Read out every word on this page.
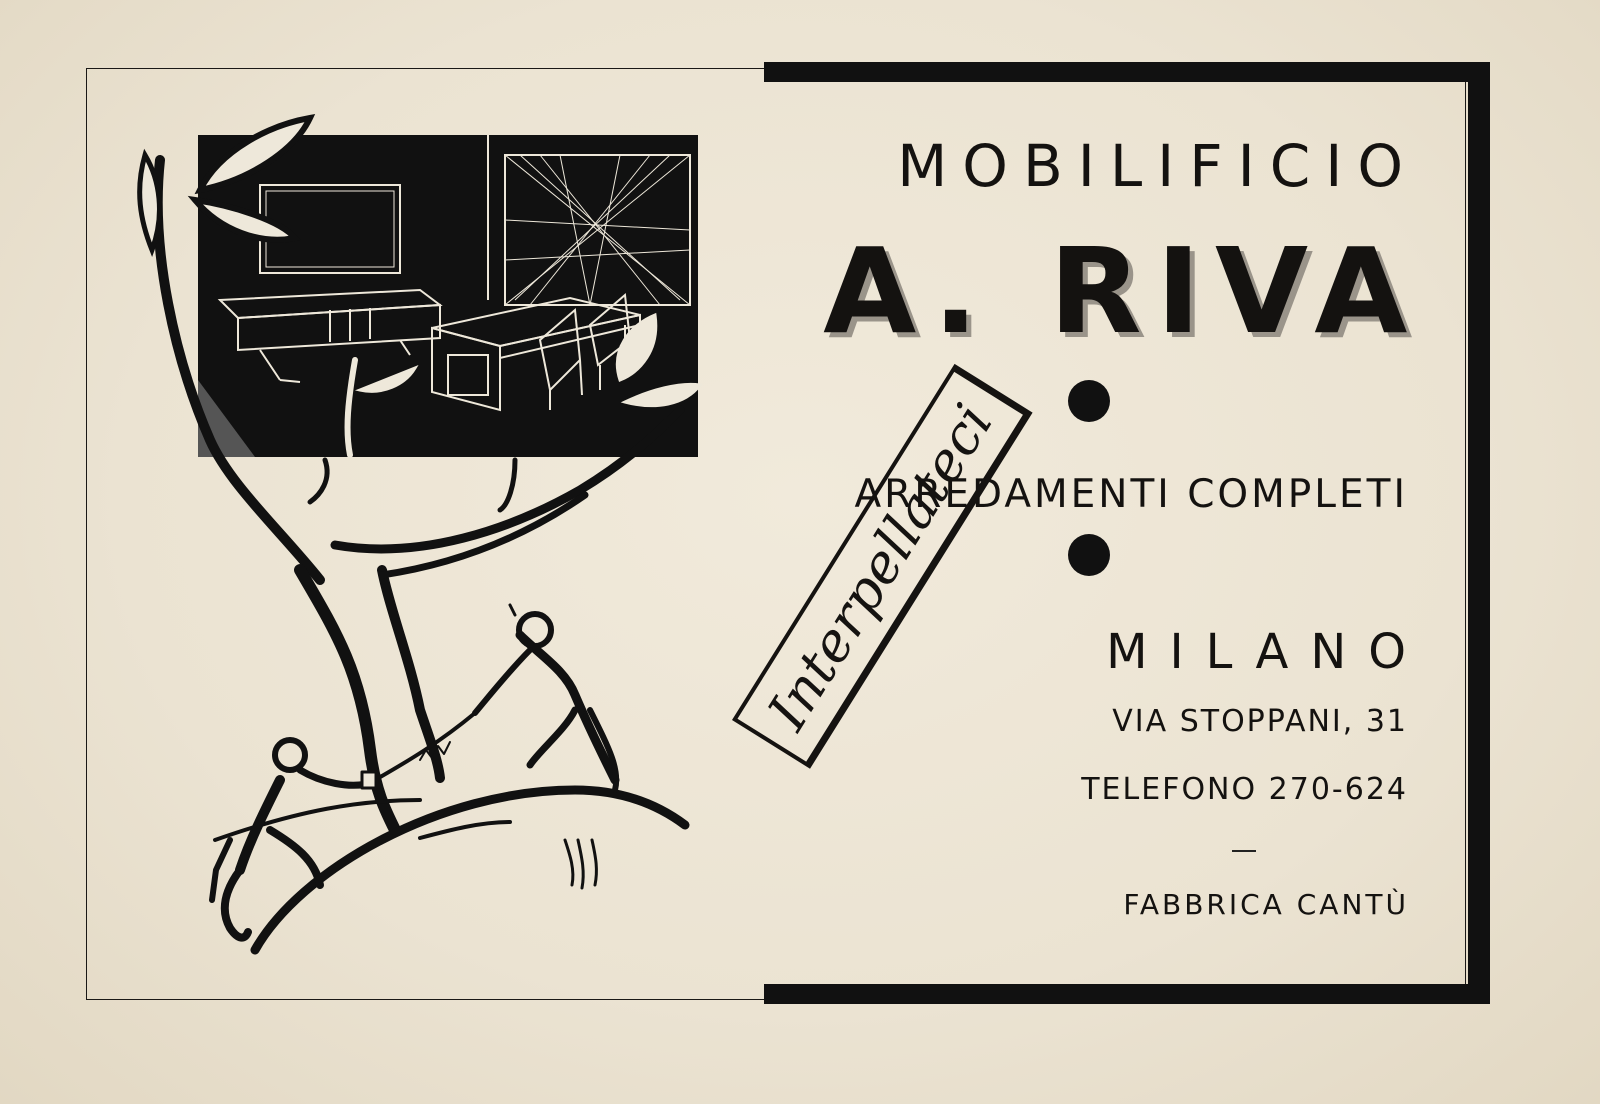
MOBILIFICIO
A. RIVA
ARREDAMENTI COMPLETI
MILANO
VIA STOPPANI, 31
TELEFONO 270-624
FABBRICA CANTÙ
Interpellateci
